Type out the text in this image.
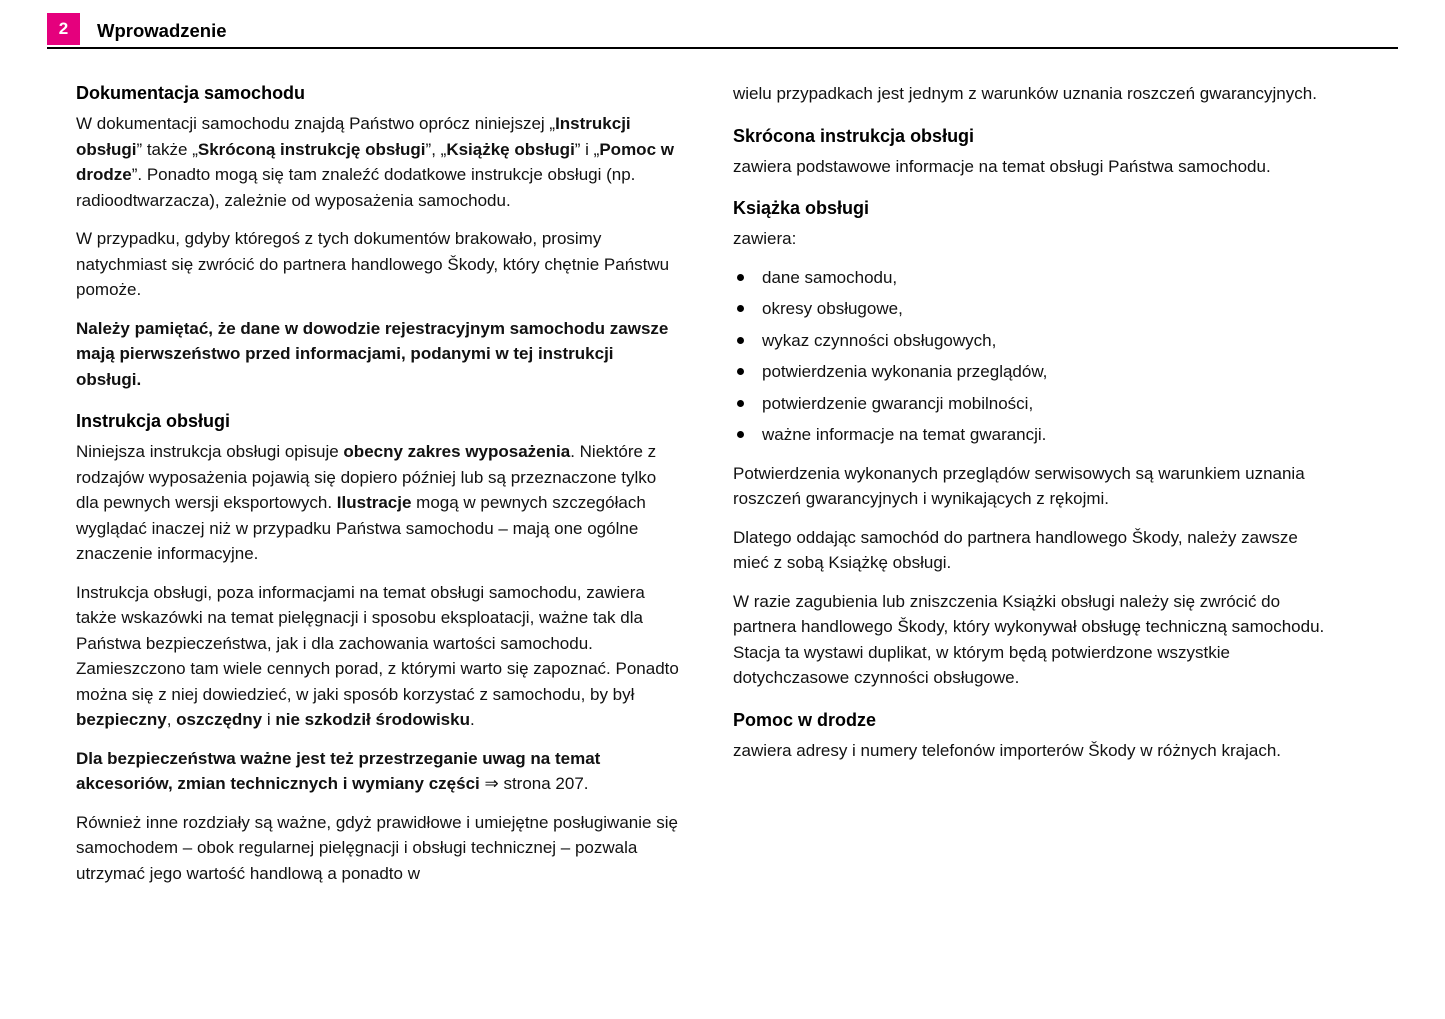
2	Wprowadzenie
Dokumentacja samochodu

W dokumentacji samochodu znajdą Państwo oprócz niniejszej „Instrukcji obsługi” także „Skróconą instrukcję obsługi”, „Książkę obsługi” i „Pomoc w drodze”. Ponadto mogą się tam znaleźć dodatkowe instrukcje obsługi (np. radioodtwarzacza), zależnie od wyposażenia samochodu.

W przypadku, gdyby któregoś z tych dokumentów brakowało, prosimy natychmiast się zwrócić do partnera handlowego Škody, który chętnie Państwu pomoże.

Należy pamiętać, że dane w dowodzie rejestracyjnym samochodu zawsze mają pierwszeństwo przed informacjami, podanymi w tej instrukcji obsługi.

Instrukcja obsługi

Niniejsza instrukcja obsługi opisuje obecny zakres wyposażenia. Niektóre z rodzajów wyposażenia pojawią się dopiero później lub są przeznaczone tylko dla pewnych wersji eksportowych. Ilustracje mogą w pewnych szczegółach wyglądać inaczej niż w przypadku Państwa samochodu – mają one ogólne znaczenie informacyjne.

Instrukcja obsługi, poza informacjami na temat obsługi samochodu, zawiera także wskazówki na temat pielęgnacji i sposobu eksploatacji, ważne tak dla Państwa bezpieczeństwa, jak i dla zachowania wartości samochodu. Zamieszczono tam wiele cennych porad, z którymi warto się zapoznać. Ponadto można się z niej dowiedzieć, w jaki sposób korzystać z samochodu, by był bezpieczny, oszczędny i nie szkodził środowisku.

Dla bezpieczeństwa ważne jest też przestrzeganie uwag na temat akcesoriów, zmian technicznych i wymiany części ⇒ strona 207.

Również inne rozdziały są ważne, gdyż prawidłowe i umiejętne posługiwanie się samochodem – obok regularnej pielęgnacji i obsługi technicznej – pozwala utrzymać jego wartość handlową a ponadto w

wielu przypadkach jest jednym z warunków uznania roszczeń gwarancyjnych.

Skrócona instrukcja obsługi

zawiera podstawowe informacje na temat obsługi Państwa samochodu.

Książka obsługi

zawiera:

dane samochodu,
okresy obsługowe,
wykaz czynności obsługowych,
potwierdzenia wykonania przeglądów,
potwierdzenie gwarancji mobilności,
ważne informacje na temat gwarancji.

Potwierdzenia wykonanych przeglądów serwisowych są warunkiem uznania roszczeń gwarancyjnych i wynikających z rękojmi.

Dlatego oddając samochód do partnera handlowego Škody, należy zawsze mieć z sobą Książkę obsługi.

W razie zagubienia lub zniszczenia Książki obsługi należy się zwrócić do partnera handlowego Škody, który wykonywał obsługę techniczną samochodu. Stacja ta wystawi duplikat, w którym będą potwierdzone wszystkie dotychczasowe czynności obsługowe.

Pomoc w drodze

zawiera adresy i numery telefonów importerów Škody w różnych krajach.
